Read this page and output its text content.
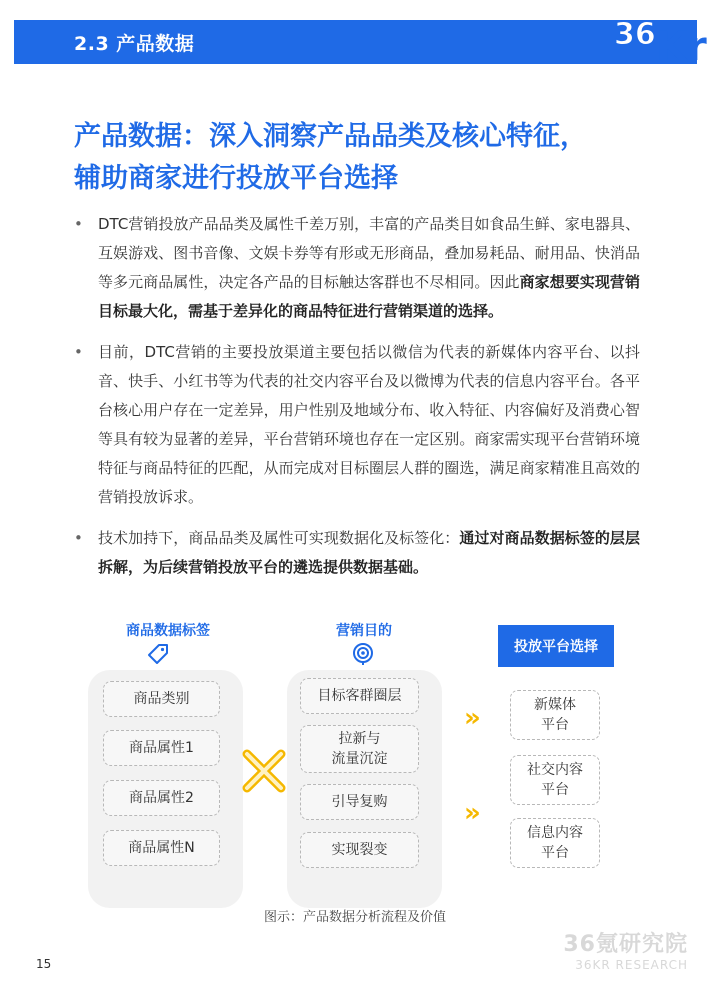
2.3 产品数据	36 Kr
产品数据：深入洞察产品品类及核心特征，
辅助商家进行投放平台选择
• DTC营销投放产品品类及属性千差万别，丰富的产品类目如食品生鲜、家电器具、互娱游戏、图书音像、文娱卡券等有形或无形商品，叠加易耗品、耐用品、快消品等多元商品属性，决定各产品的目标触达客群也不尽相同。因此商家想要实现营销目标最大化，需基于差异化的商品特征进行营销渠道的选择。
• 目前，DTC营销的主要投放渠道主要包括以微信为代表的新媒体内容平台、以抖音、快手、小红书等为代表的社交内容平台及以微博为代表的信息内容平台。各平台核心用户存在一定差异，用户性别及地域分布、收入特征、内容偏好及消费心智等具有较为显著的差异，平台营销环境也存在一定区别。商家需实现平台营销环境特征与商品特征的匹配，从而完成对目标圈层人群的圈选，满足商家精准且高效的营销投放诉求。
• 技术加持下，商品品类及属性可实现数据化及标签化：通过对商品数据标签的层层拆解，为后续营销投放平台的遴选提供数据基础。
商品数据标签
商品类别
商品属性1
商品属性2
商品属性N
营销目的
目标客群圈层
拉新与
流量沉淀
引导复购
实现裂变
»
»
投放平台选择
新媒体
平台
社交内容
平台
信息内容
平台
图示：产品数据分析流程及价值
15
36氪研究院
36KR RESEARCH
